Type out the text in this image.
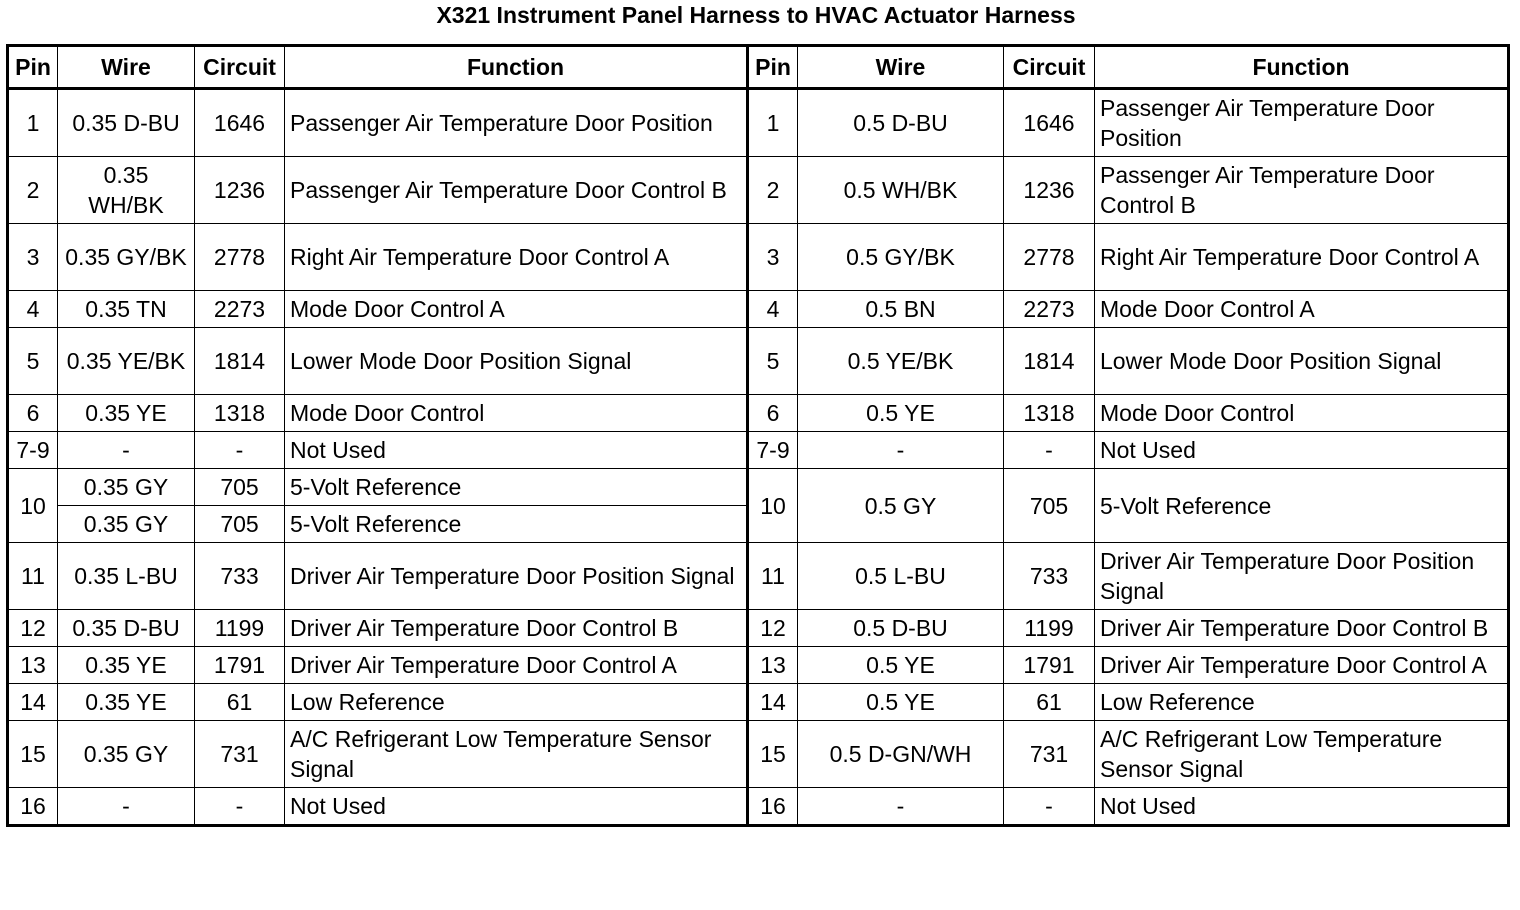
X321 Instrument Panel Harness to HVAC Actuator Harness
Pin	Wire	Circuit	Function	Pin	Wire	Circuit	Function
1	0.35 D-BU	1646	Passenger Air Temperature Door Position	1	0.5 D-BU	1646	Passenger Air Temperature Door Position
2	0.35 WH/BK	1236	Passenger Air Temperature Door Control B	2	0.5 WH/BK	1236	Passenger Air Temperature Door Control B
3	0.35 GY/BK	2778	Right Air Temperature Door Control A	3	0.5 GY/BK	2778	Right Air Temperature Door Control A
4	0.35 TN	2273	Mode Door Control A	4	0.5 BN	2273	Mode Door Control A
5	0.35 YE/BK	1814	Lower Mode Door Position Signal	5	0.5 YE/BK	1814	Lower Mode Door Position Signal
6	0.35 YE	1318	Mode Door Control	6	0.5 YE	1318	Mode Door Control
7-9	-	-	Not Used	7-9	-	-	Not Used
10	0.35 GY	705	5-Volt Reference	10	0.5 GY	705	5-Volt Reference
	0.35 GY	705	5-Volt Reference				
11	0.35 L-BU	733	Driver Air Temperature Door Position Signal	11	0.5 L-BU	733	Driver Air Temperature Door Position Signal
12	0.35 D-BU	1199	Driver Air Temperature Door Control B	12	0.5 D-BU	1199	Driver Air Temperature Door Control B
13	0.35 YE	1791	Driver Air Temperature Door Control A	13	0.5 YE	1791	Driver Air Temperature Door Control A
14	0.35 YE	61	Low Reference	14	0.5 YE	61	Low Reference
15	0.35 GY	731	A/C Refrigerant Low Temperature Sensor Signal	15	0.5 D-GN/WH	731	A/C Refrigerant Low Temperature Sensor Signal
16	-	-	Not Used	16	-	-	Not Used
